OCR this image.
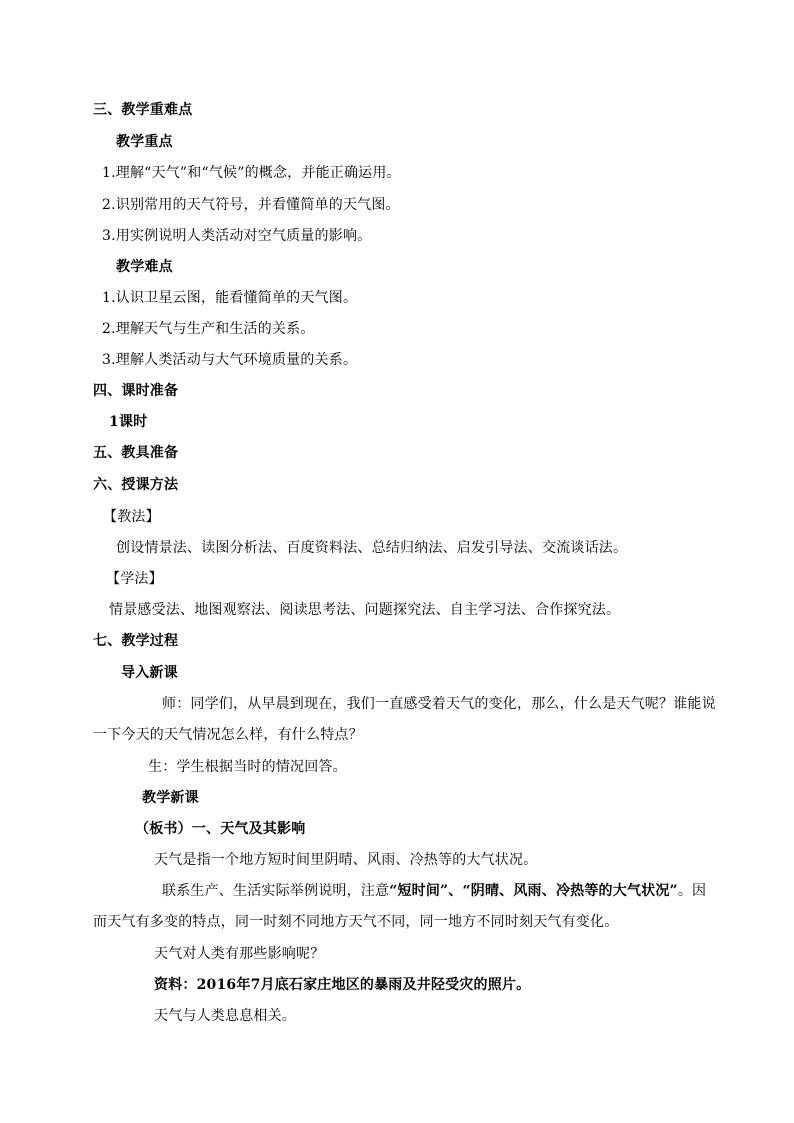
三、教学重难点
教学重点
1.理解“天气”和“气候”的概念，并能正确运用。
2.识别常用的天气符号，并看懂简单的天气图。
3.用实例说明人类活动对空气质量的影响。
教学难点
1.认识卫星云图，能看懂简单的天气图。
2.理解天气与生产和生活的关系。
3.理解人类活动与大气环境质量的关系。
四、课时准备
1课时
五、教具准备
六、授课方法
【教法】
创设情景法、读图分析法、百度资料法、总结归纳法、启发引导法、交流谈话法。
【学法】
情景感受法、地图观察法、阅读思考法、问题探究法、自主学习法、合作探究法。
七、教学过程
导入新课
师：同学们，从早晨到现在，我们一直感受着天气的变化，那么，什么是天气呢？谁能说
一下今天的天气情况怎么样，有什么特点？
生：学生根据当时的情况回答。
教学新课
（板书）一、天气及其影响
天气是指一个地方短时间里阴晴、风雨、冷热等的大气状况。
联系生产、生活实际举例说明，注意“短时间”、“阴晴、风雨、冷热等的大气状况”。因
而天气有多变的特点，同一时刻不同地方天气不同，同一地方不同时刻天气有变化。
天气对人类有那些影响呢？
资料：2016年7月底石家庄地区的暴雨及井陉受灾的照片。
天气与人类息息相关。
